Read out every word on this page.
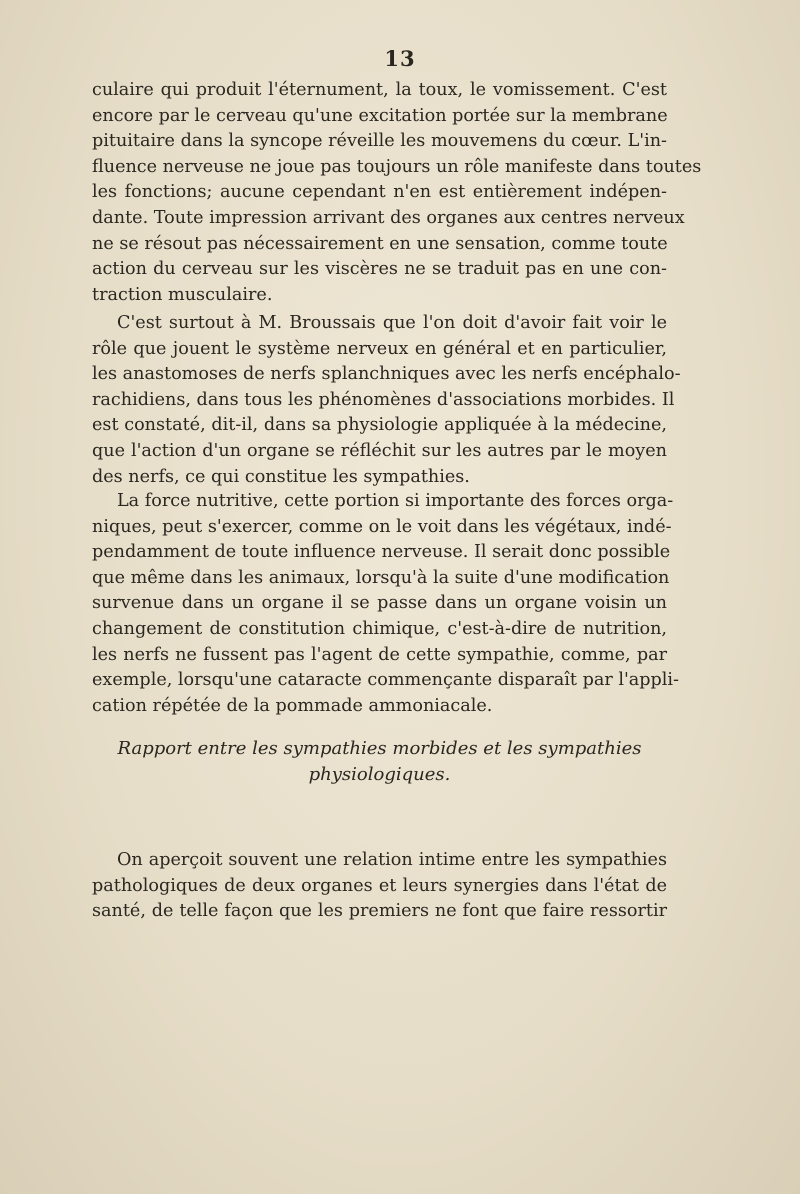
13
culaire qui produit l'éternument, la toux, le vomissement. C'est
encore par le cerveau qu'une excitation portée sur la membrane
pituitaire dans la syncope réveille les mouvemens du cœur. L'in-
fluence nerveuse ne joue pas toujours un rôle manifeste dans toutes
les fonctions; aucune cependant n'en est entièrement indépen-
dante. Toute impression arrivant des organes aux centres nerveux
ne se résout pas nécessairement en une sensation, comme toute
action du cerveau sur les viscères ne se traduit pas en une con-
traction musculaire.
C'est surtout à M. Broussais que l'on doit d'avoir fait voir le
rôle que jouent le système nerveux en général et en particulier,
les anastomoses de nerfs splanchniques avec les nerfs encéphalo-
rachidiens, dans tous les phénomènes d'associations morbides. Il
est constaté, dit-il, dans sa physiologie appliquée à la médecine,
que l'action d'un organe se réfléchit sur les autres par le moyen
des nerfs, ce qui constitue les sympathies.
La force nutritive, cette portion si importante des forces orga-
niques, peut s'exercer, comme on le voit dans les végétaux, indé-
pendamment de toute influence nerveuse. Il serait donc possible
que même dans les animaux, lorsqu'à la suite d'une modification
survenue dans un organe il se passe dans un organe voisin un
changement de constitution chimique, c'est-à-dire de nutrition,
les nerfs ne fussent pas l'agent de cette sympathie, comme, par
exemple, lorsqu'une cataracte commençante disparaît par l'appli-
cation répétée de la pommade ammoniacale.
Rapport entre les sympathies morbides et les sympathies
physiologiques.
On aperçoit souvent une relation intime entre les sympathies
pathologiques de deux organes et leurs synergies dans l'état de
santé, de telle façon que les premiers ne font que faire ressortir
